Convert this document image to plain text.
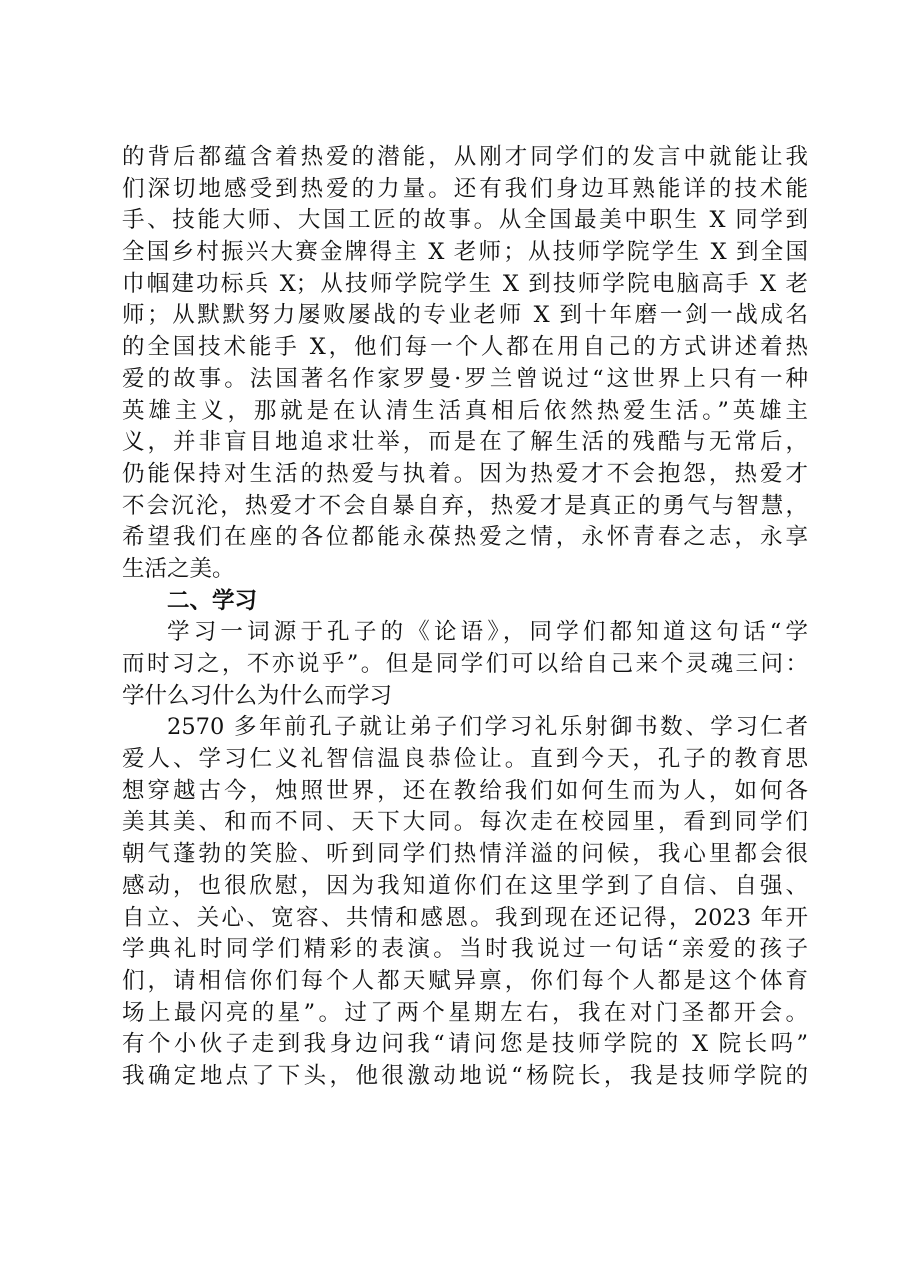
的背后都蕴含着热爱的潜能，从刚才同学们的发言中就能让我
们深切地感受到热爱的力量。还有我们身边耳熟能详的技术能
手、技能大师、大国工匠的故事。从全国最美中职生 X 同学到
全国乡村振兴大赛金牌得主 X 老师；从技师学院学生 X 到全国
巾帼建功标兵 X；从技师学院学生 X 到技师学院电脑高手 X 老
师；从默默努力屡败屡战的专业老师 X 到十年磨一剑一战成名
的全国技术能手 X，他们每一个人都在用自己的方式讲述着热
爱的故事。法国著名作家罗曼·罗兰曾说过“这世界上只有一种
英雄主义，那就是在认清生活真相后依然热爱生活。”英雄主
义，并非盲目地追求壮举，而是在了解生活的残酷与无常后，
仍能保持对生活的热爱与执着。因为热爱才不会抱怨，热爱才
不会沉沦，热爱才不会自暴自弃，热爱才是真正的勇气与智慧，
希望我们在座的各位都能永葆热爱之情，永怀青春之志，永享
生活之美。
二、学习
学习一词源于孔子的《论语》，同学们都知道这句话“学
而时习之，不亦说乎”。但是同学们可以给自己来个灵魂三问：
学什么习什么为什么而学习
2570 多年前孔子就让弟子们学习礼乐射御书数、学习仁者
爱人、学习仁义礼智信温良恭俭让。直到今天，孔子的教育思
想穿越古今，烛照世界，还在教给我们如何生而为人，如何各
美其美、和而不同、天下大同。每次走在校园里，看到同学们
朝气蓬勃的笑脸、听到同学们热情洋溢的问候，我心里都会很
感动，也很欣慰，因为我知道你们在这里学到了自信、自强、
自立、关心、宽容、共情和感恩。我到现在还记得，2023 年开
学典礼时同学们精彩的表演。当时我说过一句话“亲爱的孩子
们，请相信你们每个人都天赋异禀，你们每个人都是这个体育
场上最闪亮的星”。过了两个星期左右，我在对门圣都开会。
有个小伙子走到我身边问我“请问您是技师学院的 X 院长吗”
我确定地点了下头，他很激动地说“杨院长，我是技师学院的
